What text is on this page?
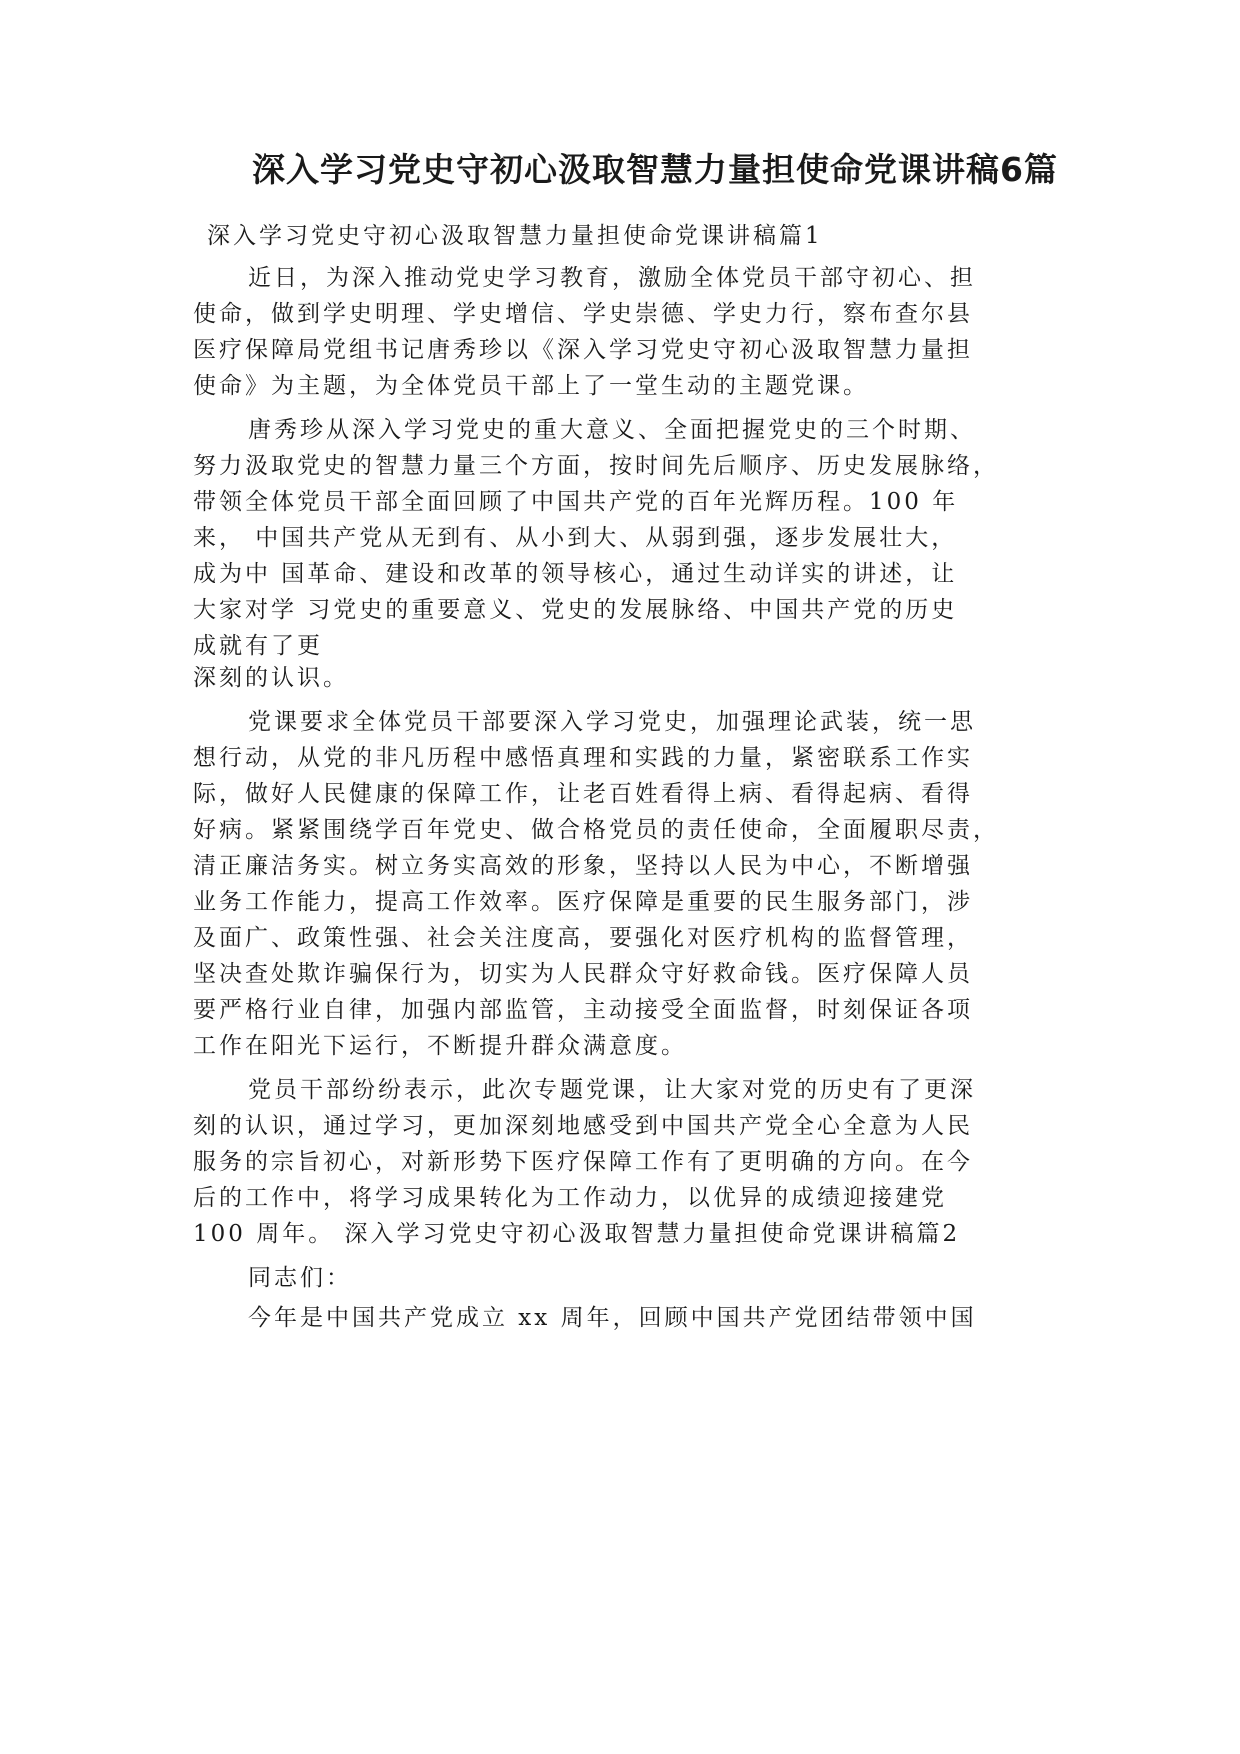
深入学习党史守初心汲取智慧力量担使命党课讲稿6篇
深入学习党史守初心汲取智慧力量担使命党课讲稿篇1
近日，为深入推动党史学习教育，激励全体党员干部守初心、担
使命，做到学史明理、学史增信、学史崇德、学史力行，察布查尔县
医疗保障局党组书记唐秀珍以《深入学习党史守初心汲取智慧力量担
使命》为主题，为全体党员干部上了一堂生动的主题党课。
唐秀珍从深入学习党史的重大意义、全面把握党史的三个时期、
努力汲取党史的智慧力量三个方面，按时间先后顺序、历史发展脉络，
带领全体党员干部全面回顾了中国共产党的百年光辉历程。100 年
来， 中国共产党从无到有、从小到大、从弱到强，逐步发展壮大，
成为中 国革命、建设和改革的领导核心，通过生动详实的讲述，让
大家对学 习党史的重要意义、党史的发展脉络、中国共产党的历史
成就有了更
深刻的认识。
党课要求全体党员干部要深入学习党史，加强理论武装，统一思
想行动，从党的非凡历程中感悟真理和实践的力量，紧密联系工作实
际，做好人民健康的保障工作，让老百姓看得上病、看得起病、看得
好病。紧紧围绕学百年党史、做合格党员的责任使命，全面履职尽责，
清正廉洁务实。树立务实高效的形象，坚持以人民为中心，不断增强
业务工作能力，提高工作效率。医疗保障是重要的民生服务部门，涉
及面广、政策性强、社会关注度高，要强化对医疗机构的监督管理，
坚决查处欺诈骗保行为，切实为人民群众守好救命钱。医疗保障人员
要严格行业自律，加强内部监管，主动接受全面监督，时刻保证各项
工作在阳光下运行，不断提升群众满意度。
党员干部纷纷表示，此次专题党课，让大家对党的历史有了更深
刻的认识，通过学习，更加深刻地感受到中国共产党全心全意为人民
服务的宗旨初心，对新形势下医疗保障工作有了更明确的方向。在今
后的工作中，将学习成果转化为工作动力，以优异的成绩迎接建党
100 周年。 深入学习党史守初心汲取智慧力量担使命党课讲稿篇2
同志们：
今年是中国共产党成立 xx 周年，回顾中国共产党团结带领中国
